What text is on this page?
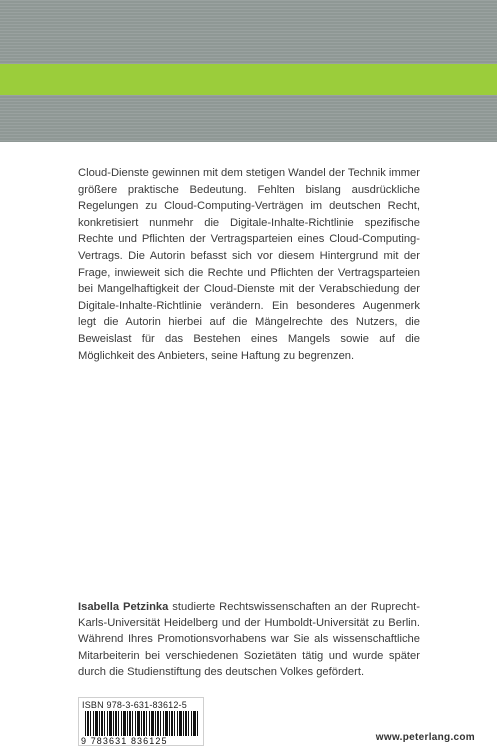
Cloud-Dienste gewinnen mit dem stetigen Wandel der Technik immer größere praktische Bedeutung. Fehlten bislang ausdrückliche Regelungen zu Cloud-Computing-Verträgen im deutschen Recht, konkretisiert nunmehr die Digitale-Inhalte-Richtlinie spezifische Rechte und Pflichten der Vertragsparteien eines Cloud-Computing-Vertrags. Die Autorin befasst sich vor diesem Hintergrund mit der Frage, inwieweit sich die Rechte und Pflichten der Vertragsparteien bei Mangelhaftigkeit der Cloud-Dienste mit der Verabschiedung der Digitale-Inhalte-Richtlinie verändern. Ein besonderes Augenmerk legt die Autorin hierbei auf die Mängelrechte des Nutzers, die Beweislast für das Bestehen eines Mangels sowie auf die Möglichkeit des Anbieters, seine Haftung zu begrenzen.

Isabella Petzinka studierte Rechtswissenschaften an der Ruprecht-Karls-Universität Heidelberg und der Humboldt-Universität zu Berlin. Während Ihres Promotionsvorhabens war Sie als wissenschaftliche Mitarbeiterin bei verschiedenen Sozietäten tätig und wurde später durch die Studienstiftung des deutschen Volkes gefördert.

ISBN 978-3-631-83612-5
9 783631 836125	www.peterlang.com
